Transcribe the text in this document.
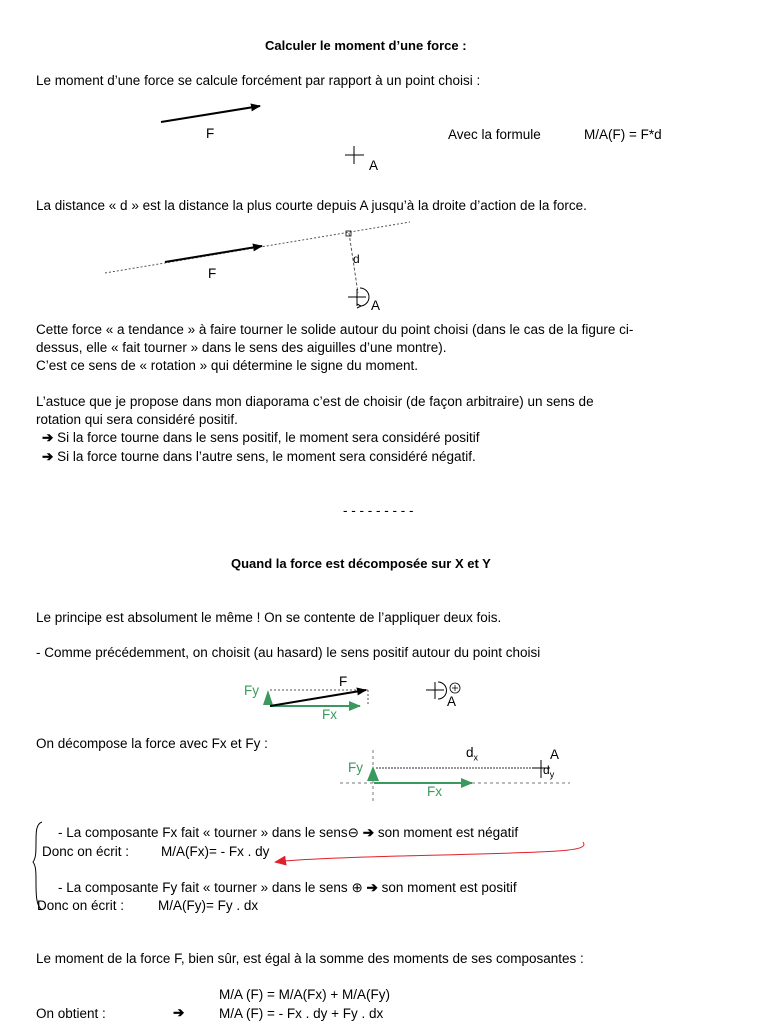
Calculer le moment d’une force :
Le moment d’une force se calcule forcément par rapport à un point choisi :
F
A
Avec la formule	M/A(F) = F*d
La distance « d » est la distance la plus courte depuis A jusqu’à la droite d’action de la force.
F
d
A
Cette force « a tendance » à faire tourner le solide autour du point choisi (dans le cas de la figure ci-
dessus, elle « fait tourner » dans le sens des aiguilles d’une montre).
C’est ce sens de « rotation » qui détermine le signe du moment.
L’astuce que je propose dans mon diaporama c’est de choisir (de façon arbitraire) un sens de
rotation qui sera considéré positif.
➔ Si la force tourne dans le sens positif, le moment sera considéré positif
➔ Si la force tourne dans l’autre sens, le moment sera considéré négatif.
- - - - - - - - -
Quand la force est décomposée sur X et Y
Le principe est absolument le même ! On se contente de l’appliquer deux fois.
- Comme précédemment, on choisit (au hasard) le sens positif autour du point choisi
Fy
F
Fx
A
On décompose la force avec Fx et Fy :
Fy
Fx
$d_x$
$d_y$
A
- La composante Fx fait « tourner » dans le sens⊖ ➔ son moment est négatif
Donc on écrit : M/A(Fx)= - Fx . dy
- La composante Fy fait « tourner » dans le sens ⊕ ➔ son moment est positif
Donc on écrit :	M/A(Fy)= Fy . dx
Le moment de la force F, bien sûr, est égal à la somme des moments de ses composantes :
M/A (F) = M/A(Fx) + M/A(Fy)
On obtient :	➔	M/A (F) = - Fx . dy + Fy . dx
